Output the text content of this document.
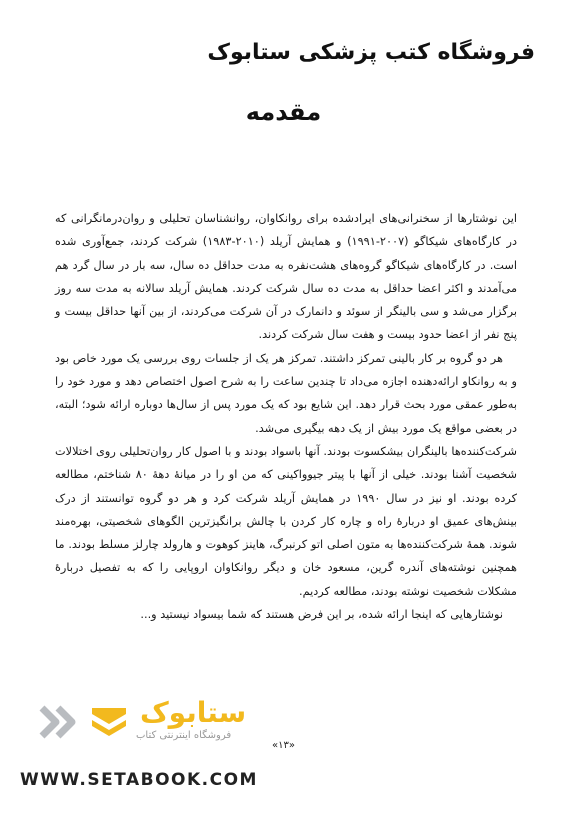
فروشگاه کتب پزشکی ستابوک
مقدمه

این نوشتارها از سخنرانی‌های ایرادشده برای روانکاوان، روانشناسان تحلیلی و روان‌درمانگرانی که در کارگاه‌های شیکاگو (۲۰۰۷-۱۹۹۱) و همایش آریلد (۲۰۱۰-۱۹۸۳) شرکت کردند، جمع‌آوری شده است. در کارگاه‌های شیکاگو گروه‌های هشت‌نفره به مدت حداقل ده سال، سه بار در سال گرد هم می‌آمدند و اکثر اعضا حداقل به مدت ده سال شرکت کردند. همایش آریلد سالانه به مدت سه روز برگزار می‌شد و سی بالینگر از سوئد و دانمارک در آن شرکت می‌کردند، از بین آنها حداقل بیست و پنج نفر از اعضا حدود بیست و هفت سال شرکت کردند.

هر دو گروه بر کار بالینی تمرکز داشتند. تمرکز هر یک از جلسات روی بررسی یک مورد خاص بود و به روانکاو ارائه‌دهنده اجازه می‌داد تا چندین ساعت را به شرح اصول اختصاص دهد و مورد خود را به‌طور عمقی مورد بحث قرار دهد. این شایع بود که یک مورد پس از سال‌ها دوباره ارائه شود؛ البته، در بعضی مواقع یک مورد بیش از یک دهه بیگیری می‌شد.

شرکت‌کننده‌ها بالینگران بیشکسوت بودند. آنها باسواد بودند و با اصول کار روان‌تحلیلی روی اختلالات شخصیت آشنا بودند. خیلی از آنها با پیتر جیوواکینی که من او را در میانهٔ دههٔ ۸۰ شناختم، مطالعه کرده بودند. او نیز در سال ۱۹۹۰ در همایش آریلد شرکت کرد و هر دو گروه توانستند از درک بینش‌های عمیق او دربارهٔ راه و چاره کار کردن با چالش برانگیزترین الگوهای شخصیتی، بهره‌مند شوند. همهٔ شرکت‌کننده‌ها به متون اصلی اتو کرنبرگ، هاینز کوهوت و هارولد چارلز مسلط بودند. ما همچنین نوشته‌های آندره گرین، مسعود خان و دیگر روانکاوان اروپایی را که به تفصیل دربارهٔ مشکلات شخصیت نوشته بودند، مطالعه کردیم.

نوشتارهایی که اینجا ارائه شده، بر این فرض هستند که شما بیسواد نیستید و...

«۱۳»
ستابوک
فروشگاه اینترنتی کتاب
WWW.SETABOOK.COM
